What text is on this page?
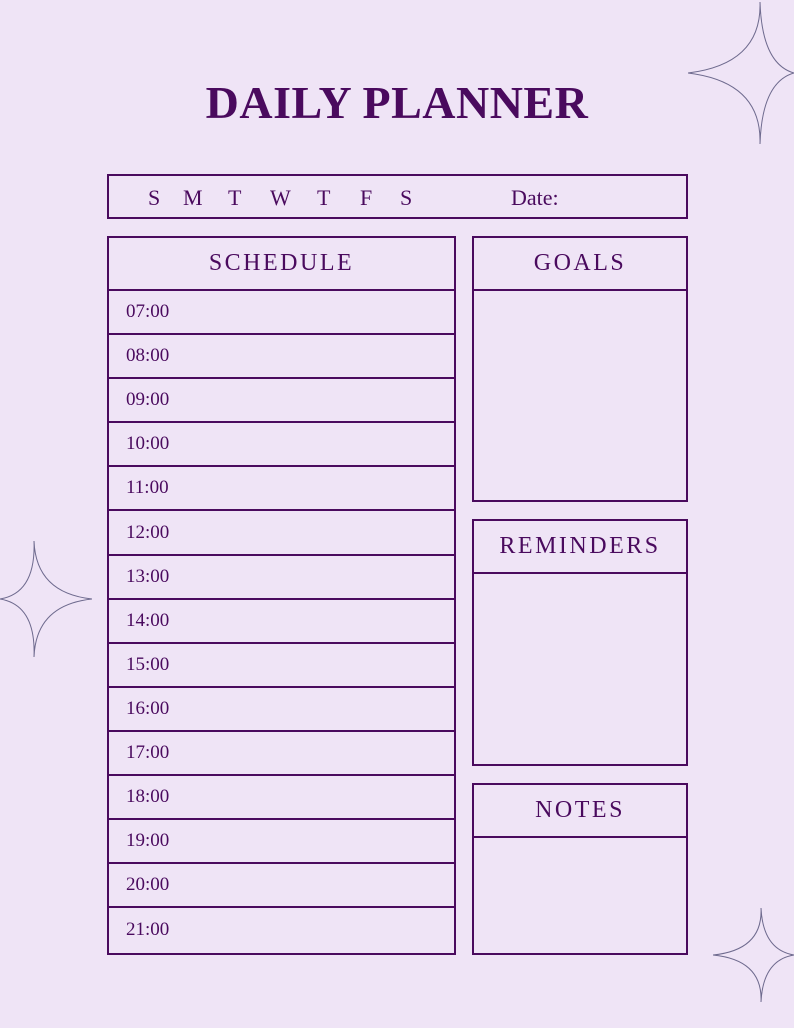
DAILY PLANNER
S M T W T F S	Date:
SCHEDULE
07:00
08:00
09:00
10:00
11:00
12:00
13:00
14:00
15:00
16:00
17:00
18:00
19:00
20:00
21:00
GOALS
REMINDERS
NOTES
